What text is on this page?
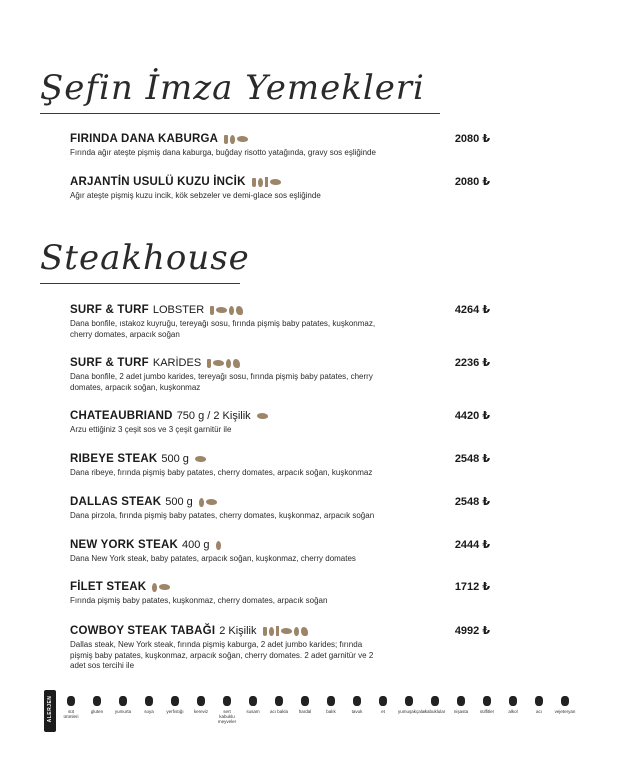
Şefin İmza Yemekleri
Steakhouse
FIRINDA DANA KABURGA	2080 ₺
Fırında ağır ateşte pişmiş dana kaburga, buğday risotto yatağında, gravy sos eşliğinde
ARJANTİN USULÜ KUZU İNCİK	2080 ₺
Ağır ateşte pişmiş kuzu incik, kök sebzeler ve demi-glace sos eşliğinde
SURF & TURF LOBSTER	4264 ₺
Dana bonfile, ıstakoz kuyruğu, tereyağı sosu, fırında pişmiş baby patates, kuşkonmaz, cherry domates, arpacık soğan
SURF & TURF KARİDES	2236 ₺
Dana bonfile, 2 adet jumbo karides, tereyağı sosu, fırında pişmiş baby patates, cherry domates, arpacık soğan, kuşkonmaz
CHATEAUBRIAND 750 g / 2 Kişilik	4420 ₺
Arzu ettiğiniz 3 çeşit sos ve 3 çeşit garnitür ile
RIBEYE STEAK 500 g	2548 ₺
Dana ribeye, fırında pişmiş baby patates, cherry domates, arpacık soğan, kuşkonmaz
DALLAS STEAK 500 g	2548 ₺
Dana pirzola, fırında pişmiş baby patates, cherry domates, kuşkonmaz, arpacık soğan
NEW YORK STEAK 400 g	2444 ₺
Dana New York steak, baby patates, arpacık soğan, kuşkonmaz, cherry domates
FİLET STEAK	1712 ₺
Fırında pişmiş baby patates, kuşkonmaz, cherry domates, arpacık soğan
COWBOY STEAK TABAĞI 2 Kişilik	4992 ₺
Dallas steak, New York steak, fırında pişmiş kaburga, 2 adet jumbo karides; fırında pişmiş baby patates, kuşkonmaz, arpacık soğan, cherry domates. 2 adet garnitür ve 2 adet sos tercihi ile
ALERJEN	süt ürünleri
gluten	yumurta	soya	yerfıstığı	kereviz	sert kabuklu meyveler
susam	acı bakla	hardal	balık	tavuk	et	yumuşakçalar
kabuklular	nişasta	sülfitler	alkol	acı	vejeteryan
